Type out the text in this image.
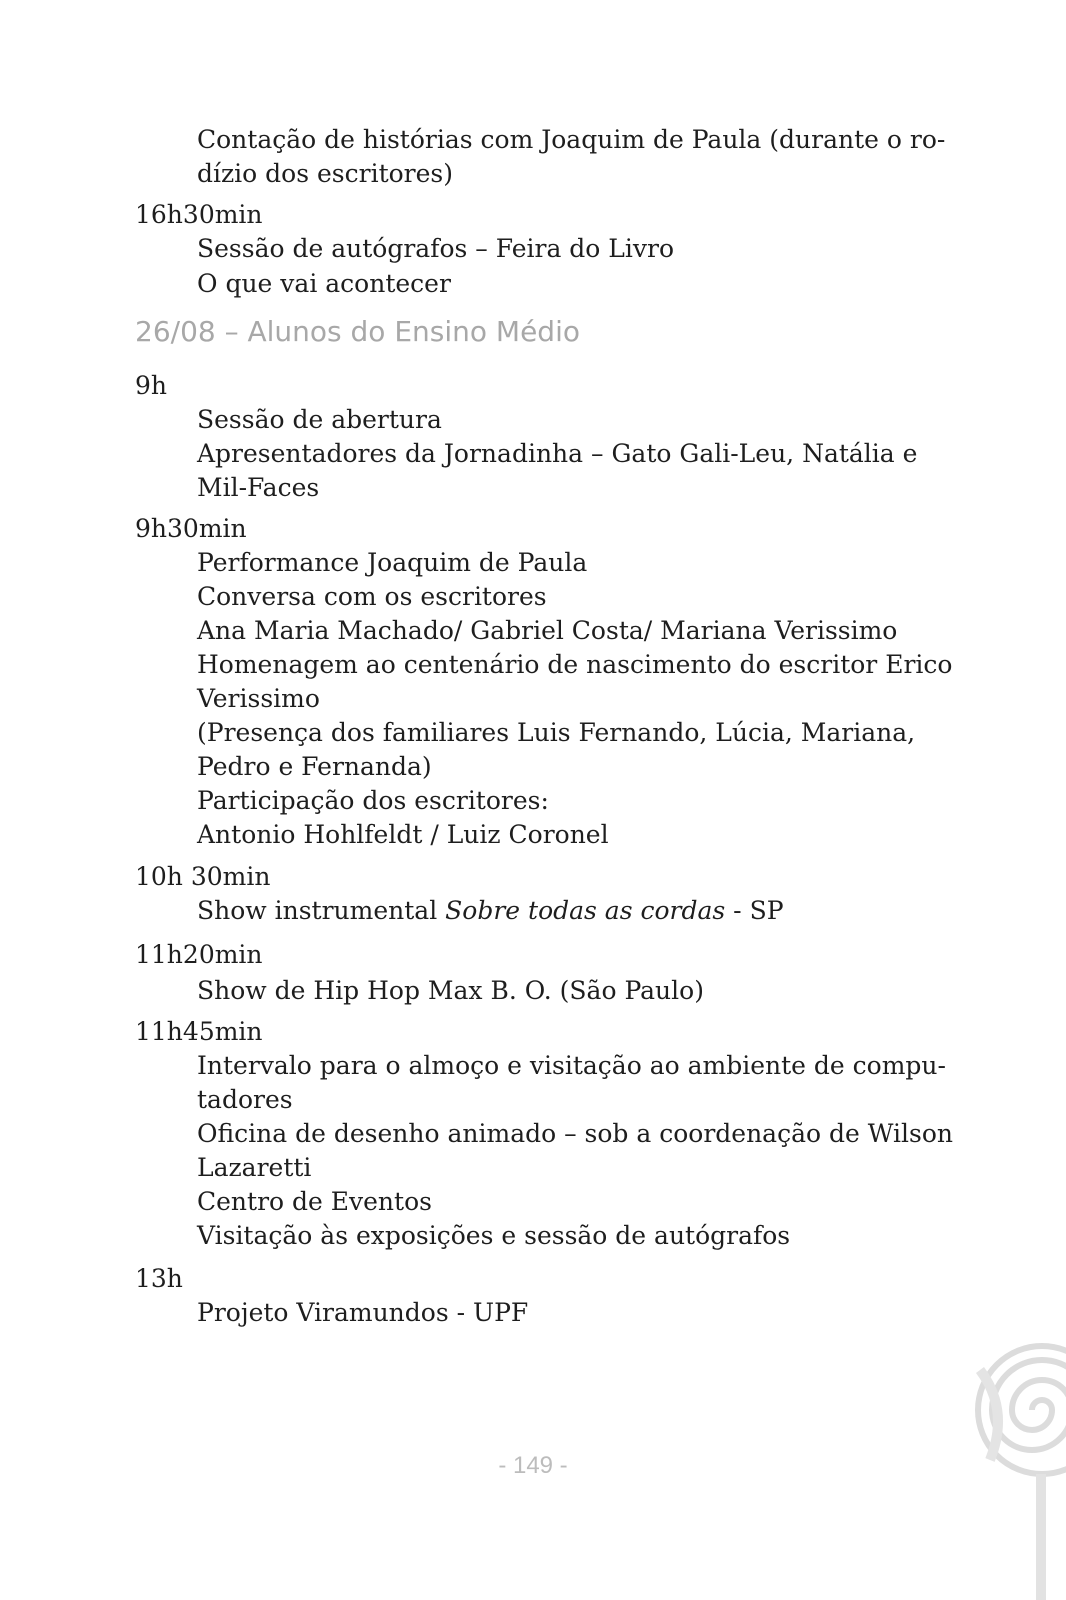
Contação de histórias com Joaquim de Paula (durante o ro-
dízio dos escritores)
16h30min
Sessão de autógrafos – Feira do Livro
O que vai acontecer
9h
Sessão de abertura
Apresentadores da Jornadinha – Gato Gali-Leu, Natália e
Mil-Faces
9h30min
Performance Joaquim de Paula
Conversa com os escritores
Ana Maria Machado/ Gabriel Costa/ Mariana Verissimo
Homenagem ao centenário de nascimento do escritor Erico
Verissimo
(Presença dos familiares Luis Fernando, Lúcia, Mariana,
Pedro e Fernanda)
Participação dos escritores:
Antonio Hohlfeldt / Luiz Coronel
10h 30min
Show instrumental Sobre todas as cordas - SP
11h20min
Show de Hip Hop Max B. O. (São Paulo)
11h45min
Intervalo para o almoço e visitação ao ambiente de compu-
tadores
Oficina de desenho animado – sob a coordenação de Wilson
Lazaretti
Centro de Eventos
Visitação às exposições e sessão de autógrafos
13h
Projeto Viramundos - UPF
26/08 – Alunos do Ensino Médio
- 149 -
